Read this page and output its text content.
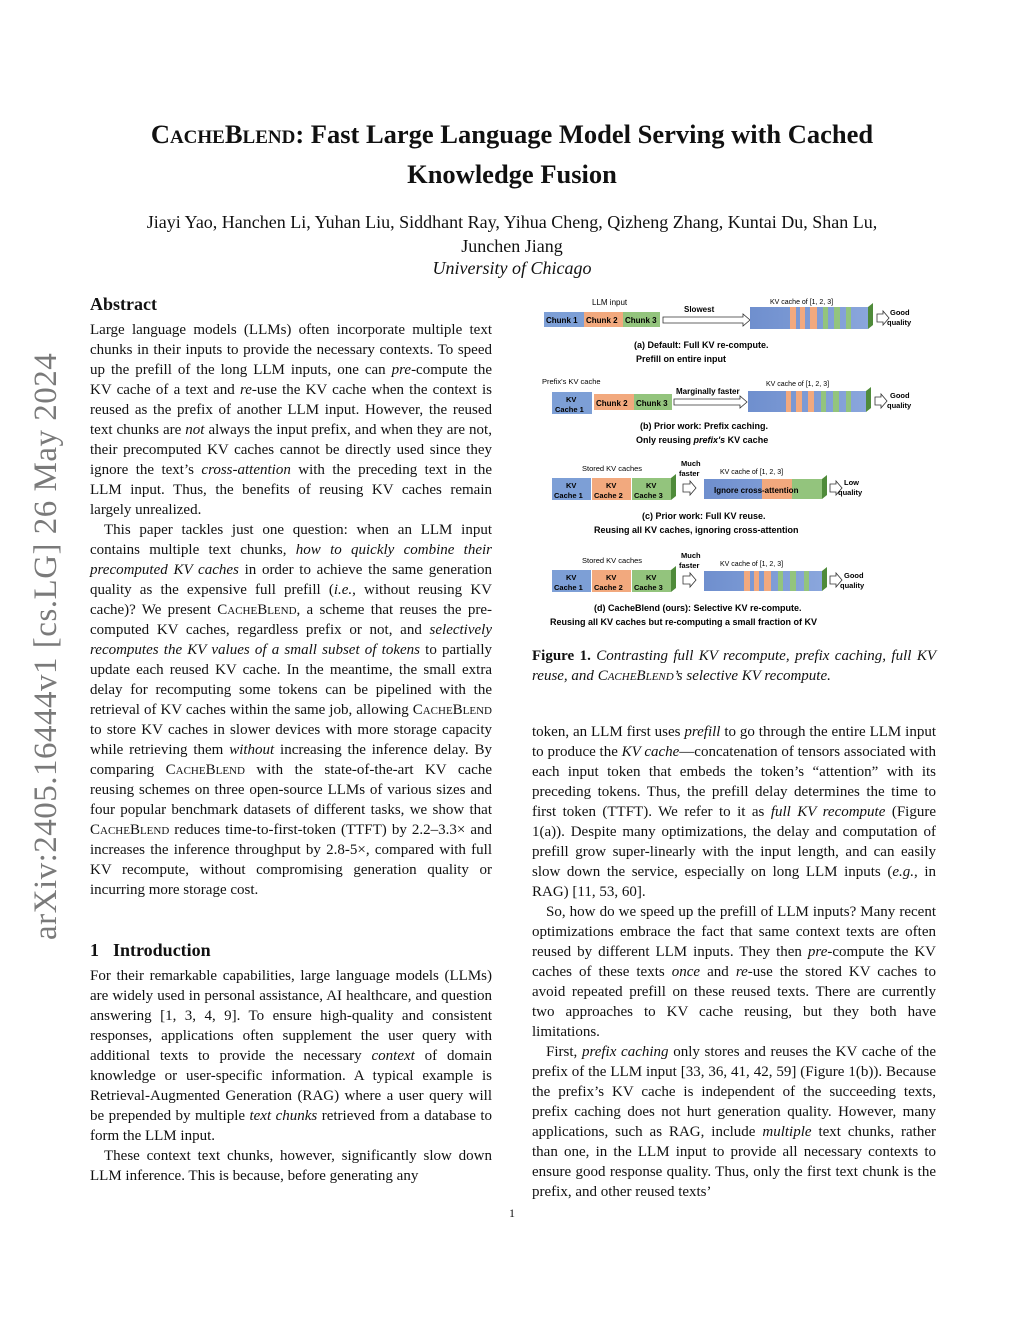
arXiv:2405.16444v1 [cs.LG] 26 May 2024
CacheBlend: Fast Large Language Model Serving with Cached
Knowledge Fusion
Jiayi Yao, Hanchen Li, Yuhan Liu, Siddhant Ray, Yihua Cheng, Qizheng Zhang, Kuntai Du, Shan Lu,
Junchen Jiang
University of Chicago
Abstract

Large language models (LLMs) often incorporate multiple text chunks in their inputs to provide the necessary contexts. To speed up the prefill of the long LLM inputs, one can pre-compute the KV cache of a text and re-use the KV cache when the context is reused as the prefix of another LLM input. However, the reused text chunks are not always the input prefix, and when they are not, their precomputed KV caches cannot be directly used since they ignore the text’s cross-attention with the preceding text in the LLM input. Thus, the benefits of reusing KV caches remain largely unrealized.

This paper tackles just one question: when an LLM input contains multiple text chunks, how to quickly combine their precomputed KV caches in order to achieve the same generation quality as the expensive full prefill (i.e., without reusing KV cache)? We present CacheBlend, a scheme that reuses the pre-computed KV caches, regardless prefix or not, and selectively recomputes the KV values of a small subset of tokens to partially update each reused KV cache. In the meantime, the small extra delay for recomputing some tokens can be pipelined with the retrieval of KV caches within the same job, allowing CacheBlend to store KV caches in slower devices with more storage capacity while retrieving them without increasing the inference delay. By comparing CacheBlend with the state-of-the-art KV cache reusing schemes on three open-source LLMs of various sizes and four popular benchmark datasets of different tasks, we show that CacheBlend reduces time-to-first-token (TTFT) by 2.2–3.3× and increases the inference throughput by 2.8-5×, compared with full KV recompute, without compromising generation quality or incurring more storage cost.

1 Introduction

For their remarkable capabilities, large language models (LLMs) are widely used in personal assistance, AI healthcare, and question answering [1, 3, 4, 9]. To ensure high-quality and consistent responses, applications often supplement the user query with additional texts to provide the necessary context of domain knowledge or user-specific information. A typical example is Retrieval-Augmented Generation (RAG) where a user query will be prepended by multiple text chunks retrieved from a database to form the LLM input.

These context text chunks, however, significantly slow down LLM inference. This is because, before generating any

LLM input
Chunk 1 Chunk 2 Chunk 3
Slowest
KV cache of [1, 2, 3]
Good
quality
(a) Default: Full KV re-compute.
Prefill on entire input
Prefix's KV cache
KV
Cache 1
Chunk 2 Chunk 3
Marginally faster
KV cache of [1, 2, 3]
Good
quality
(b) Prior work: Prefix caching.
Only reusing prefix's KV cache
Stored KV caches
KV	KV	KV
Cache 1 Cache 2 Cache 3
Much
faster	KV cache of [1, 2, 3]
Ignore cross-attention
Low
quality
(c) Prior work: Full KV reuse.
Reusing all KV caches, ignoring cross-attention
Stored KV caches
KV	KV	KV
Cache 1 Cache 2 Cache 3
Much
faster	KV cache of [1, 2, 3]
Good
quality
(d) CacheBlend (ours): Selective KV re-compute.
Reusing all KV caches but re-computing a small fraction of KV
Figure 1. Contrasting full KV recompute, prefix caching, full KV reuse, and CacheBlend’s selective KV recompute.

token, an LLM first uses prefill to go through the entire LLM input to produce the KV cache—concatenation of tensors associated with each input token that embeds the token’s “attention” with its preceding tokens. Thus, the prefill delay determines the time to first token (TTFT). We refer to it as full KV recompute (Figure 1(a)). Despite many optimizations, the delay and computation of prefill grow super-linearly with the input length, and can easily slow down the service, especially on long LLM inputs (e.g., in RAG) [11, 53, 60].

So, how do we speed up the prefill of LLM inputs? Many recent optimizations embrace the fact that same context texts are often reused by different LLM inputs. They then pre-compute the KV caches of these texts once and re-use the stored KV caches to avoid repeated prefill on these reused texts. There are currently two approaches to KV cache reusing, but they both have limitations.

First, prefix caching only stores and reuses the KV cache of the prefix of the LLM input [33, 36, 41, 42, 59] (Figure 1(b)). Because the prefix’s KV cache is independent of the succeeding texts, prefix caching does not hurt generation quality. However, many applications, such as RAG, include multiple text chunks, rather than one, in the LLM input to provide all necessary contexts to ensure good response quality. Thus, only the first text chunk is the prefix, and other reused texts’

1
